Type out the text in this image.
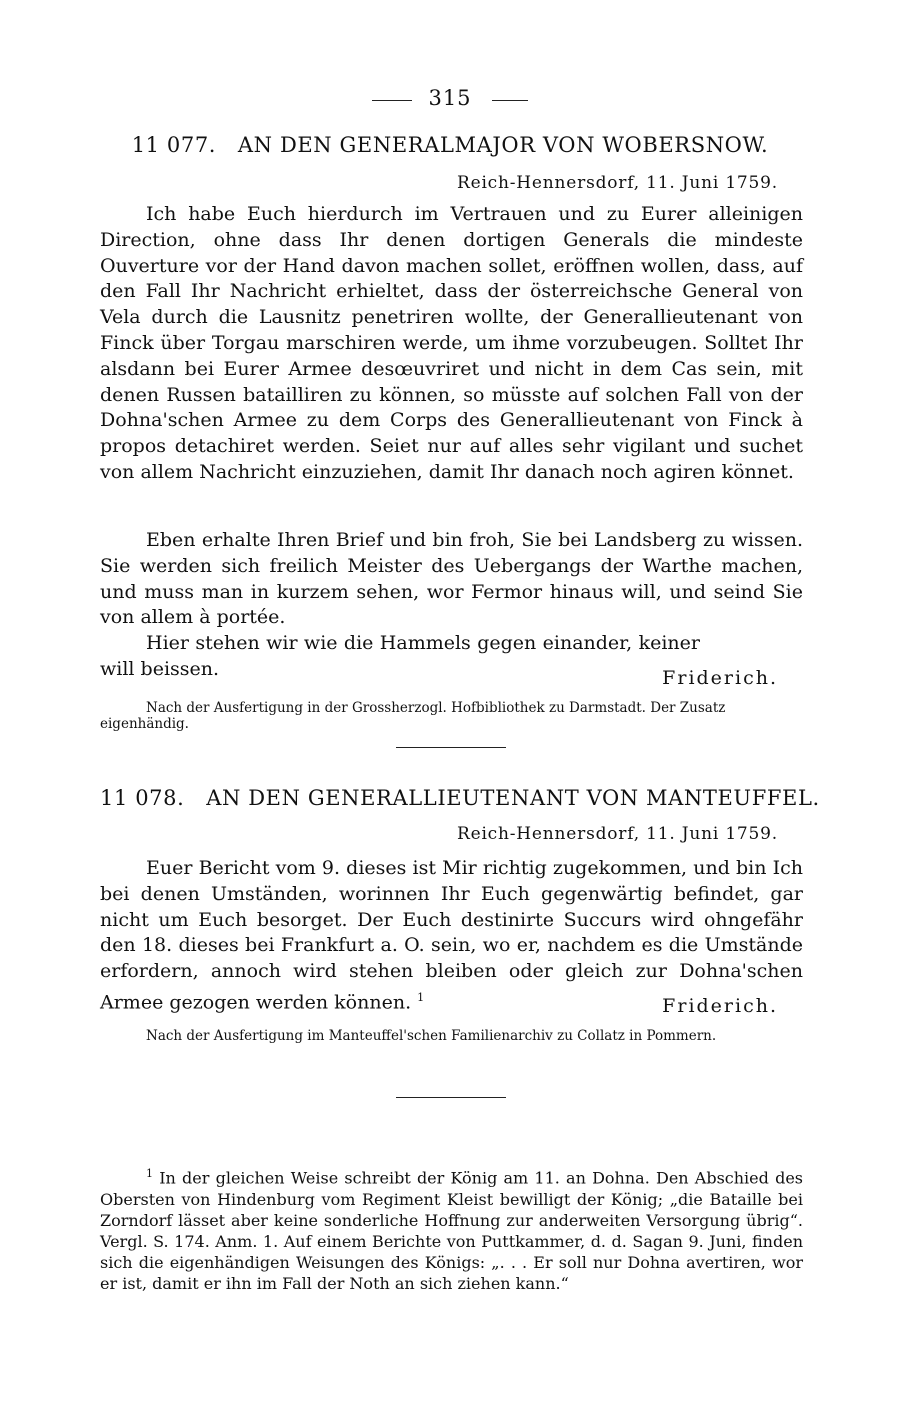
315
11 077. AN DEN GENERALMAJOR VON WOBERSNOW.
Reich-Hennersdorf, 11. Juni 1759.

Ich habe Euch hierdurch im Vertrauen und zu Eurer alleinigen Direction, ohne dass Ihr denen dortigen Generals die mindeste Ouverture vor der Hand davon machen sollet, eröffnen wollen, dass, auf den Fall Ihr Nachricht erhieltet, dass der österreichsche General von Vela durch die Lausnitz penetriren wollte, der Generallieutenant von Finck über Torgau marschiren werde, um ihme vorzubeugen. Solltet Ihr alsdann bei Eurer Armee desœuvriret und nicht in dem Cas sein, mit denen Russen batailliren zu können, so müsste auf solchen Fall von der Dohna'schen Armee zu dem Corps des Generallieutenant von Finck à propos detachiret werden. Seiet nur auf alles sehr vigilant und suchet von allem Nachricht einzuziehen, damit Ihr danach noch agiren könnet.

Eben erhalte Ihren Brief und bin froh, Sie bei Landsberg zu wissen. Sie werden sich freilich Meister des Uebergangs der Warthe machen, und muss man in kurzem sehen, wor Fermor hinaus will, und seind Sie von allem à portée.

Hier stehen wir wie die Hammels gegen einander, keiner will beissen.	Friderich.

Nach der Ausfertigung in der Grossherzogl. Hofbibliothek zu Darmstadt. Der Zusatz eigenhändig.

11 078. AN DEN GENERALLIEUTENANT VON MANTEUFFEL.
Reich-Hennersdorf, 11. Juni 1759.

Euer Bericht vom 9. dieses ist Mir richtig zugekommen, und bin Ich bei denen Umständen, worinnen Ihr Euch gegenwärtig befindet, gar nicht um Euch besorget. Der Euch destinirte Succurs wird ohngefähr den 18. dieses bei Frankfurt a. O. sein, wo er, nachdem es die Umstände erfordern, annoch wird stehen bleiben oder gleich zur Dohna'schen Armee gezogen werden können. $^1$	Friderich.

Nach der Ausfertigung im Manteuffel'schen Familienarchiv zu Collatz in Pommern.

$^1$ In der gleichen Weise schreibt der König am 11. an Dohna. Den Abschied des Obersten von Hindenburg vom Regiment Kleist bewilligt der König; „die Bataille bei Zorndorf lässet aber keine sonderliche Hoffnung zur anderweiten Versorgung übrig“. Vergl. S. 174. Anm. 1. Auf einem Berichte von Puttkammer, d. d. Sagan 9. Juni, finden sich die eigenhändigen Weisungen des Königs: „. . . Er soll nur Dohna avertiren, wor er ist, damit er ihn im Fall der Noth an sich ziehen kann.“
